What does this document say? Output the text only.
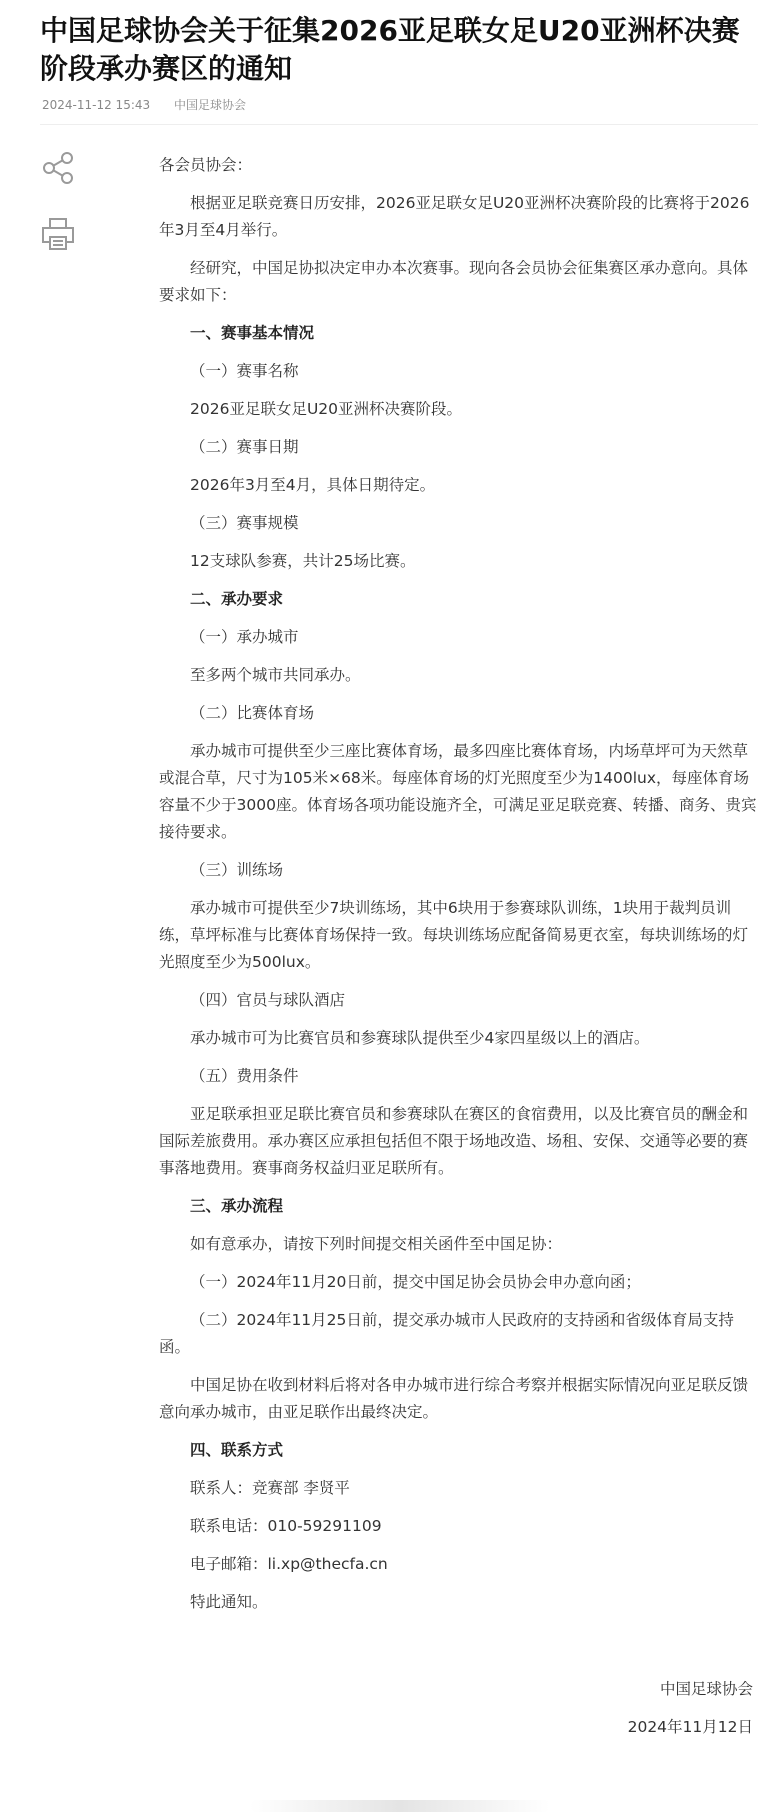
中国足球协会关于征集2026亚足联女足U20亚洲杯决赛阶段承办赛区的通知
2024-11-12 15:43 中国足球协会

各会员协会：

根据亚足联竞赛日历安排，2026亚足联女足U20亚洲杯决赛阶段的比赛将于2026年3月至4月举行。

经研究，中国足协拟决定申办本次赛事。现向各会员协会征集赛区承办意向。具体要求如下：

一、赛事基本情况

（一）赛事名称

2026亚足联女足U20亚洲杯决赛阶段。

（二）赛事日期

2026年3月至4月，具体日期待定。

（三）赛事规模

12支球队参赛，共计25场比赛。

二、承办要求

（一）承办城市

至多两个城市共同承办。

（二）比赛体育场

承办城市可提供至少三座比赛体育场，最多四座比赛体育场，内场草坪可为天然草或混合草，尺寸为105米×68米。每座体育场的灯光照度至少为1400lux，每座体育场容量不少于3000座。体育场各项功能设施齐全，可满足亚足联竞赛、转播、商务、贵宾接待要求。

（三）训练场

承办城市可提供至少7块训练场，其中6块用于参赛球队训练，1块用于裁判员训练，草坪标准与比赛体育场保持一致。每块训练场应配备简易更衣室，每块训练场的灯光照度至少为500lux。

（四）官员与球队酒店

承办城市可为比赛官员和参赛球队提供至少4家四星级以上的酒店。

（五）费用条件

亚足联承担亚足联比赛官员和参赛球队在赛区的食宿费用，以及比赛官员的酬金和国际差旅费用。承办赛区应承担包括但不限于场地改造、场租、安保、交通等必要的赛事落地费用。赛事商务权益归亚足联所有。

三、承办流程

如有意承办，请按下列时间提交相关函件至中国足协：

（一）2024年11月20日前，提交中国足协会员协会申办意向函；

（二）2024年11月25日前，提交承办城市人民政府的支持函和省级体育局支持函。

中国足协在收到材料后将对各申办城市进行综合考察并根据实际情况向亚足联反馈意向承办城市，由亚足联作出最终决定。

四、联系方式

联系人：竞赛部 李贤平

联系电话：010-59291109

电子邮箱：li.xp@thecfa.cn

特此通知。

中国足球协会

2024年11月12日
